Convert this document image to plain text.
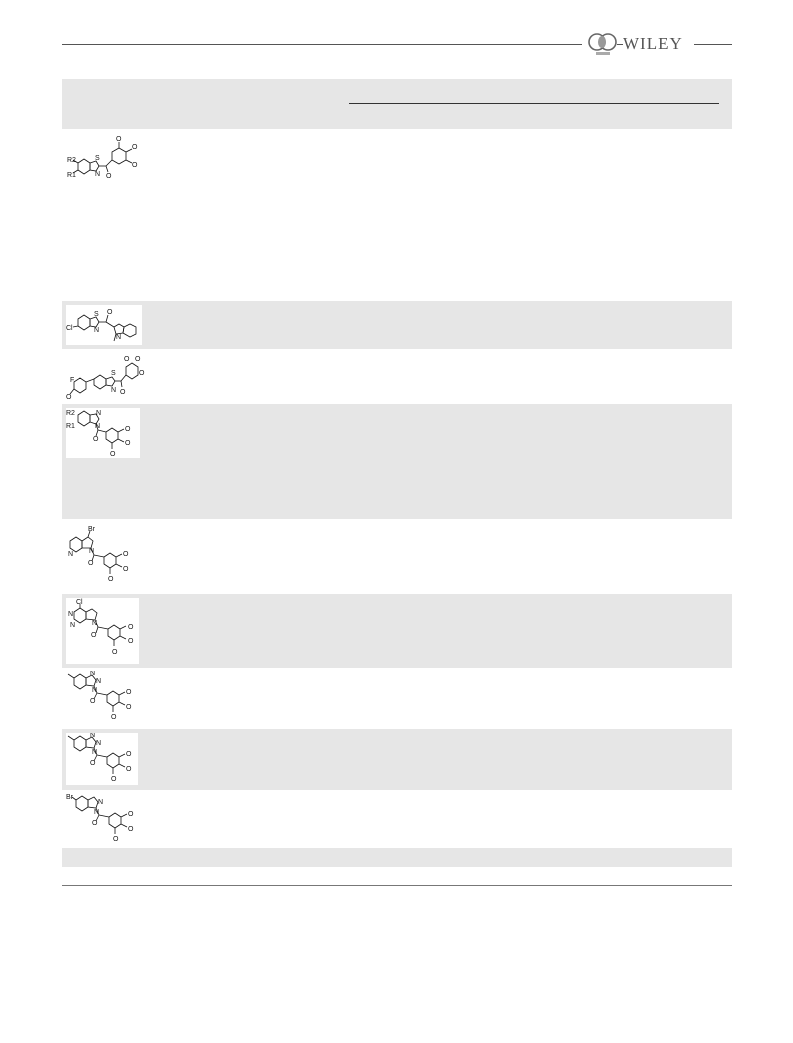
WILEY
R2
R1
S
N O
O
O
O
Cl
S
N
O
N
F
O
S
N O
O O
O
R2
R1
N
N
O
O
O
O
Br
N N
O
O
O
O
Cl
N
N N
O
O
O
O
N
N
N
O
O
O
O
N
N
N
O
O
O
O
Br
N
N
O
O
O
O
